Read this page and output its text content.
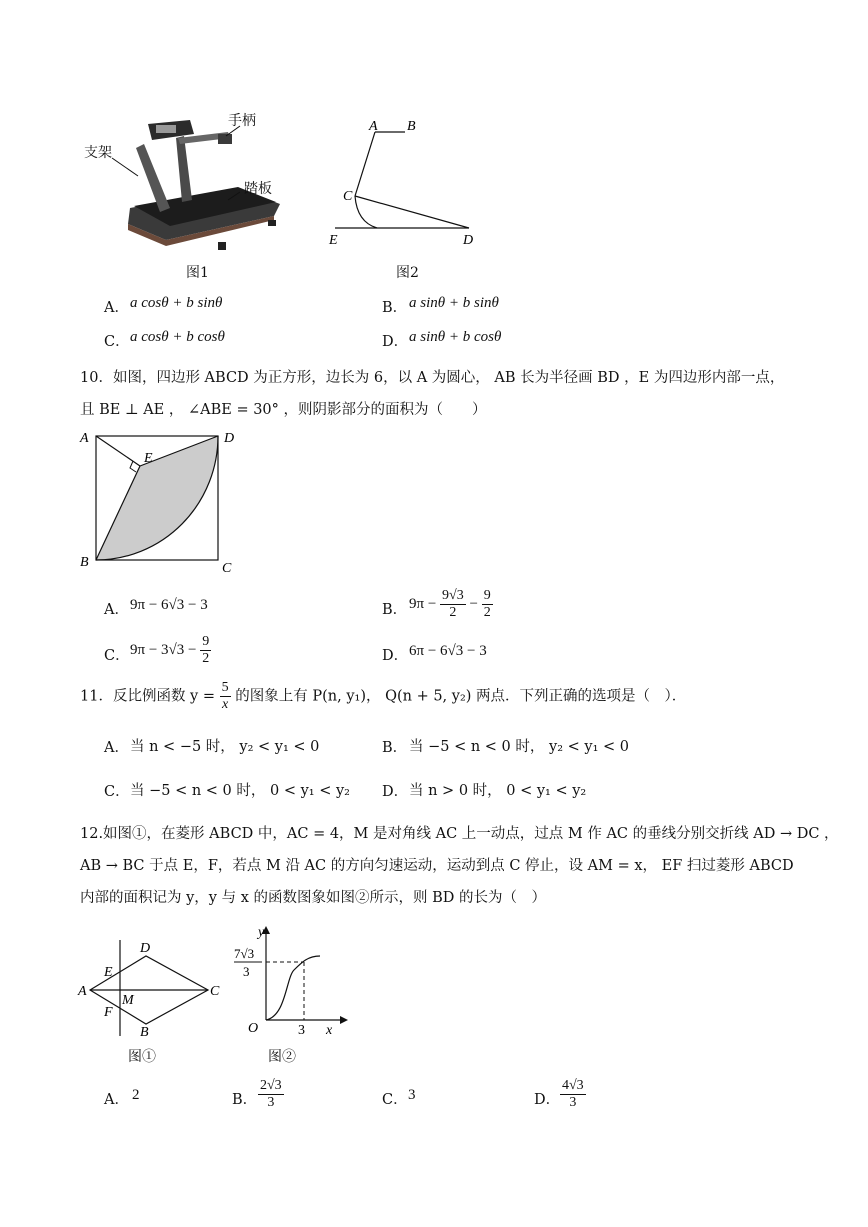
手柄
支架
踏板
图1
A B
C
E	D
图2
A． a cosθ + b sinθ	B． a sinθ + b sinθ
C． a cosθ + b cosθ	D． a sinθ + b cosθ
10．如图，四边形 ABCD 为正方形，边长为 6，以 A 为圆心， AB 长为半径画 BD ，E 为四边形内部一点，
且 BE ⊥ AE ， ∠ABE = 30° ，则阴影部分的面积为（　　）
A	D
B	C
E
A． 9π − 6√3 − 3	B． $9\pi - \frac{9√3}{2} - \frac{9}{2}$
C． $9\pi - 3√3 - \frac{9}{2}$	D． 6π − 6√3 − 3
11．反比例函数 $y = \frac{5}{x}$ 的图象上有 P(n, y₁)， Q(n + 5, y₂) 两点．下列正确的选项是（　）．
A． 当 n < −5 时， y₂ < y₁ < 0	B． 当 −5 < n < 0 时， y₂ < y₁ < 0
C． 当 −5 < n < 0 时， 0 < y₁ < y₂ D． 当 n > 0 时， 0 < y₁ < y₂
12.如图①，在菱形 ABCD 中，AC = 4，M 是对角线 AC 上一动点，过点 M 作 AC 的垂线分别交折线 AD → DC ，
AB → BC 于点 E，F，若点 M 沿 AC 的方向匀速运动，运动到点 C 停止，设 AM = x， EF 扫过菱形 ABCD
内部的面积记为 y，y 与 x 的函数图象如图②所示，则 BD 的长为（　）
D
E
A
M
C
F
B
图①
y
x
O	3
7√3
3
图②
A． 2	B． $\frac{2√3}{3}$	C． 3	D． $\frac{4√3}{3}$
